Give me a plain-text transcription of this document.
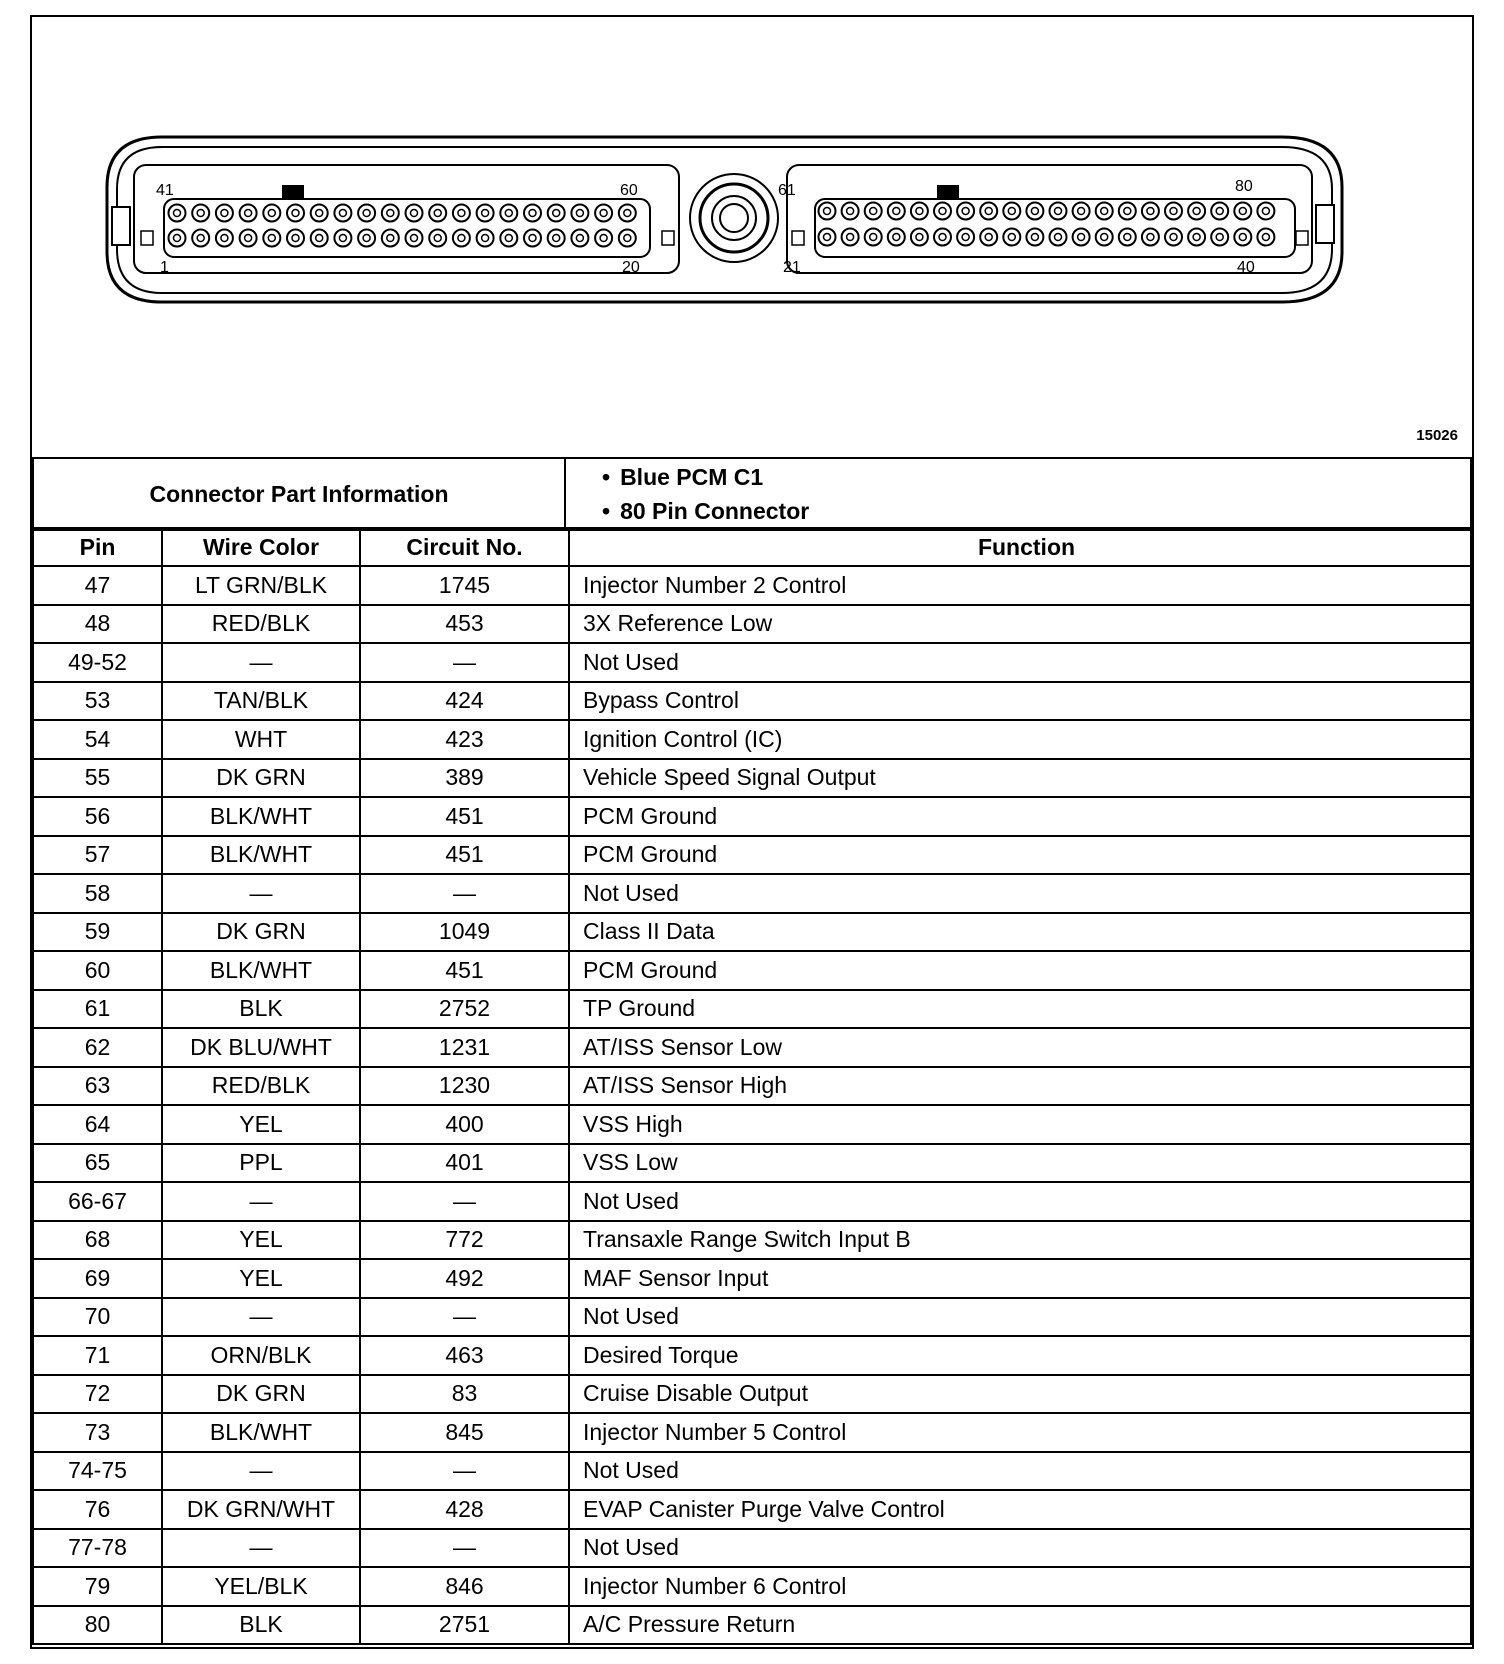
41	60
1	20
61	80
21	40
15026
Connector Part Information	
• Blue PCM C1
• 80 Pin Connector
Pin	Wire Color	Circuit No.	Function
47	LT GRN/BLK	1745	Injector Number 2 Control
48	RED/BLK	453	3X Reference Low
49-52	—	—	Not Used
53	TAN/BLK	424	Bypass Control
54	WHT	423	Ignition Control (IC)
55	DK GRN	389	Vehicle Speed Signal Output
56	BLK/WHT	451	PCM Ground
57	BLK/WHT	451	PCM Ground
58	—	—	Not Used
59	DK GRN	1049	Class II Data
60	BLK/WHT	451	PCM Ground
61	BLK	2752	TP Ground
62	DK BLU/WHT	1231	AT/ISS Sensor Low
63	RED/BLK	1230	AT/ISS Sensor High
64	YEL	400	VSS High
65	PPL	401	VSS Low
66-67	—	—	Not Used
68	YEL	772	Transaxle Range Switch Input B
69	YEL	492	MAF Sensor Input
70	—	—	Not Used
71	ORN/BLK	463	Desired Torque
72	DK GRN	83	Cruise Disable Output
73	BLK/WHT	845	Injector Number 5 Control
74-75	—	—	Not Used
76	DK GRN/WHT	428	EVAP Canister Purge Valve Control
77-78	—	—	Not Used
79	YEL/BLK	846	Injector Number 6 Control
80	BLK	2751	A/C Pressure Return
